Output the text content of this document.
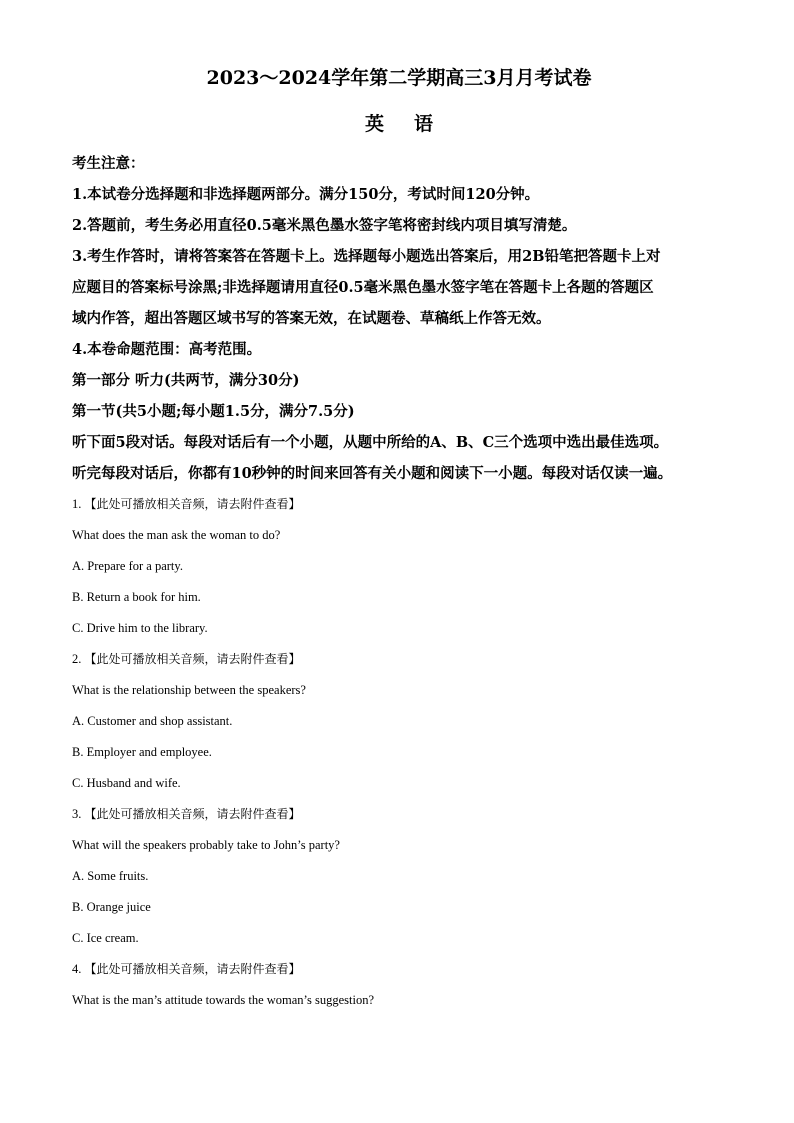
2023～2024学年第二学期高三3月月考试卷
英语
考生注意：
1.本试卷分选择题和非选择题两部分。满分150分，考试时间120分钟。
2.答题前，考生务必用直径0.5毫米黑色墨水签字笔将密封线内项目填写清楚。
3.考生作答时，请将答案答在答题卡上。选择题每小题选出答案后，用2B铅笔把答题卡上对
应题目的答案标号涂黑;非选择题请用直径0.5毫米黑色墨水签字笔在答题卡上各题的答题区
域内作答，超出答题区域书写的答案无效，在试题卷、草稿纸上作答无效。
4.本卷命题范围：高考范围。
第一部分 听力(共两节，满分30分)
第一节(共5小题;每小题1.5分，满分7.5分)
听下面5段对话。每段对话后有一个小题，从题中所给的A、B、C三个选项中选出最佳选项。
听完每段对话后，你都有10秒钟的时间来回答有关小题和阅读下一小题。每段对话仅读一遍。
1. 【此处可播放相关音频，请去附件查看】
What does the man ask the woman to do?
A. Prepare for a party.
B. Return a book for him.
C. Drive him to the library.
2. 【此处可播放相关音频，请去附件查看】
What is the relationship between the speakers?
A. Customer and shop assistant.
B. Employer and employee.
C. Husband and wife.
3. 【此处可播放相关音频，请去附件查看】
What will the speakers probably take to John’s party?
A. Some fruits.
B. Orange juice
C. Ice cream.
4. 【此处可播放相关音频，请去附件查看】
What is the man’s attitude towards the woman’s suggestion?
